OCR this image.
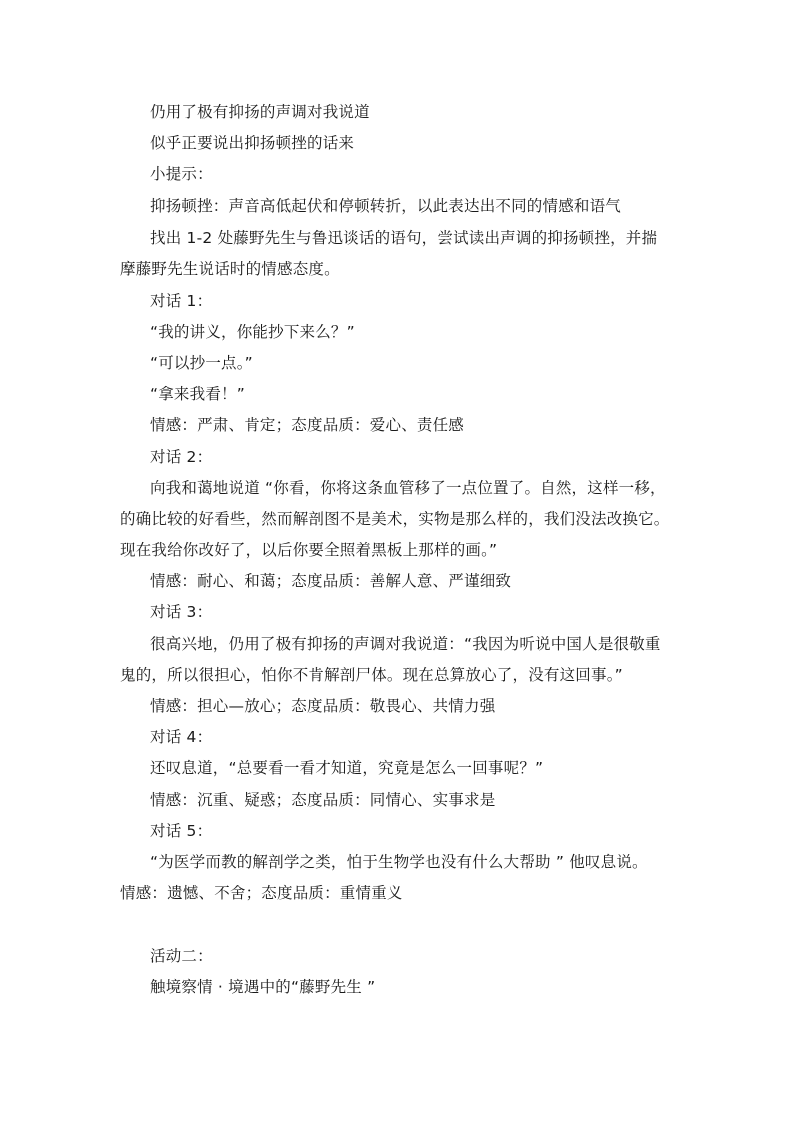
仍用了极有抑扬的声调对我说道
似乎正要说出抑扬顿挫的话来
小提示：
抑扬顿挫：声音高低起伏和停顿转折，以此表达出不同的情感和语气
找出 1-2 处藤野先生与鲁迅谈话的语句，尝试读出声调的抑扬顿挫，并揣
摩藤野先生说话时的情感态度。
对话 1：
“我的讲义，你能抄下来么？”
“可以抄一点。”
“拿来我看！”
情感：严肃、肯定；态度品质：爱心、责任感
对话 2：
向我和蔼地说道 “你看，你将这条血管移了一点位置了。自然，这样一移，
的确比较的好看些，然而解剖图不是美术，实物是那么样的，我们没法改换它。
现在我给你改好了，以后你要全照着黑板上那样的画。”
情感：耐心、和蔼；态度品质：善解人意、严谨细致
对话 3：
很高兴地，仍用了极有抑扬的声调对我说道：“我因为听说中国人是很敬重
鬼的，所以很担心，怕你不肯解剖尸体。现在总算放心了，没有这回事。”
情感：担心—放心；态度品质：敬畏心、共情力强
对话 4：
还叹息道，“总要看一看才知道，究竟是怎么一回事呢？”
情感：沉重、疑惑；态度品质：同情心、实事求是
对话 5：
“为医学而教的解剖学之类，怕于生物学也没有什么大帮助 ” 他叹息说。
情感：遗憾、不舍；态度品质：重情重义
活动二：
触境察情 · 境遇中的“藤野先生 ”
